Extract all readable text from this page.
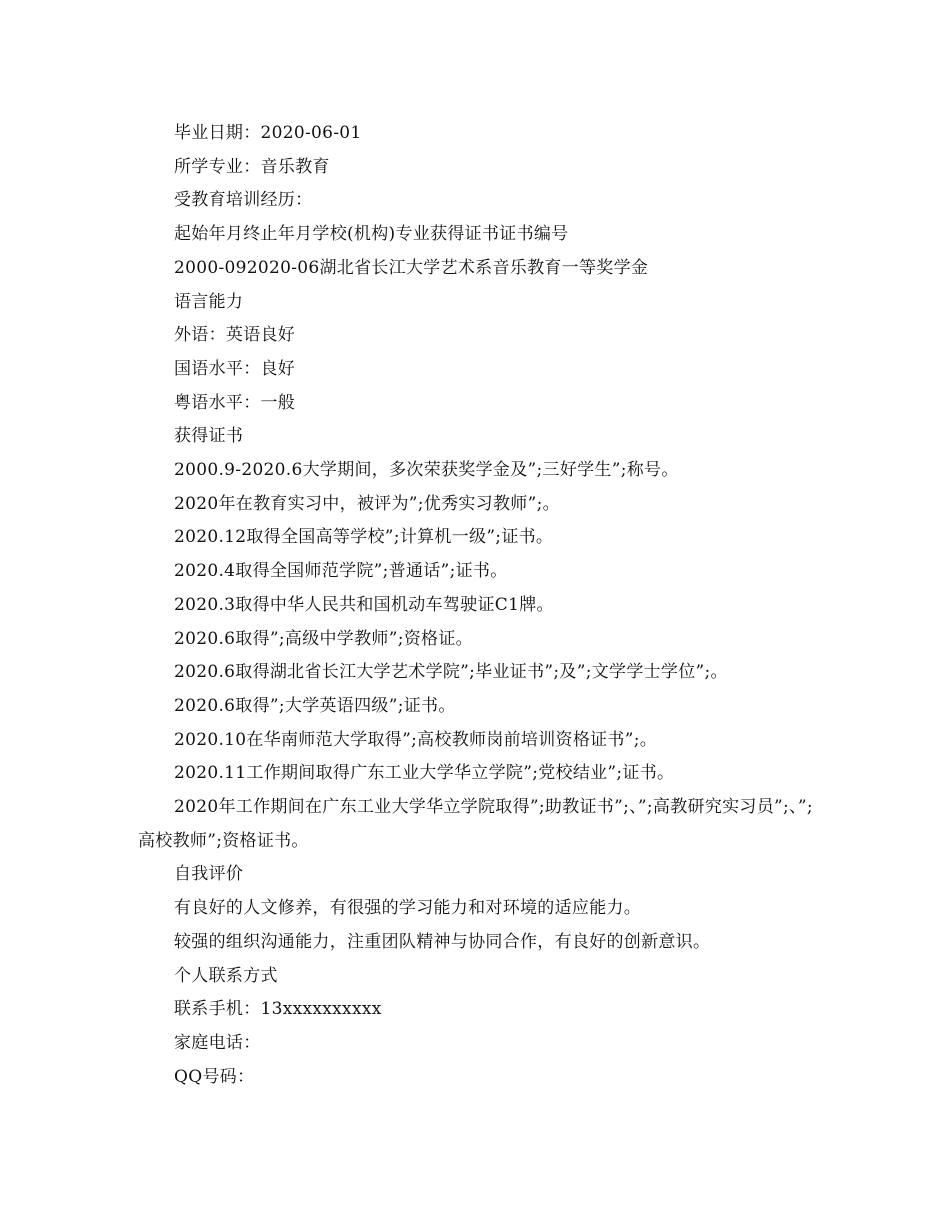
毕业日期：2020-06-01
所学专业：音乐教育
受教育培训经历：
起始年月终止年月学校(机构)专业获得证书证书编号
2000-092020-06湖北省长江大学艺术系音乐教育一等奖学金
语言能力
外语：英语良好
国语水平：良好
粤语水平：一般
获得证书
2000.9-2020.6大学期间，多次荣获奖学金及”;三好学生”;称号。
2020年在教育实习中，被评为”;优秀实习教师”;。
2020.12取得全国高等学校”;计算机一级”;证书。
2020.4取得全国师范学院”;普通话”;证书。
2020.3取得中华人民共和国机动车驾驶证C1牌。
2020.6取得”;高级中学教师”;资格证。
2020.6取得湖北省长江大学艺术学院”;毕业证书”;及”;文学学士学位”;。
2020.6取得”;大学英语四级”;证书。
2020.10在华南师范大学取得”;高校教师岗前培训资格证书”;。
2020.11工作期间取得广东工业大学华立学院”;党校结业”;证书。
2020年工作期间在广东工业大学华立学院取得”;助教证书”;、”;高教研究实习员”;、”;高校教师”;资格证书。
自我评价
有良好的人文修养，有很强的学习能力和对环境的适应能力。
较强的组织沟通能力，注重团队精神与协同合作，有良好的创新意识。
个人联系方式
联系手机：13xxxxxxxxxx
家庭电话：
QQ号码：
